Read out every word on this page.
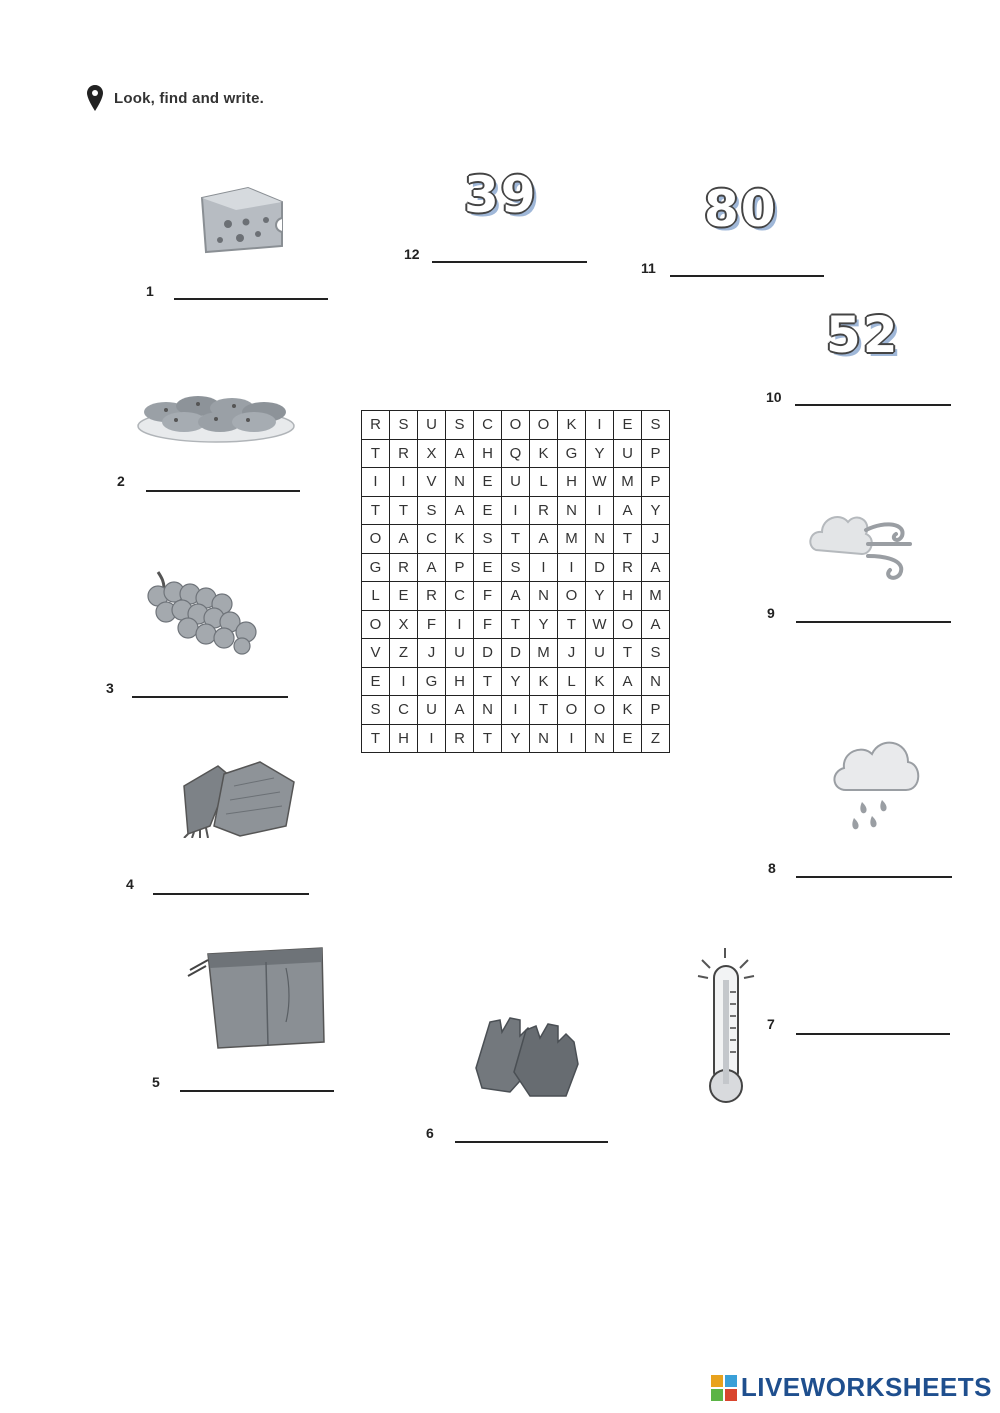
Look, find and write.
1
2
3
4
5
6
7
8
9
52
10
80
11
39
12
R	S	U	S	C	O	O	K	I	E	S
T	R	X	A	H	Q	K	G	Y	U	P
I	I	V	N	E	U	L	H	W	M	P
T	T	S	A	E	I	R	N	I	A	Y
O	A	C	K	S	T	A	M	N	T	J
G	R	A	P	E	S	I	I	D	R	A
L	E	R	C	F	A	N	O	Y	H	M
O	X	F	I	F	T	Y	T	W	O	A
V	Z	J	U	D	D	M	J	U	T	S
E	I	G	H	T	Y	K	L	K	A	N
S	C	U	A	N	I	T	O	O	K	P
T	H	I	R	T	Y	N	I	N	E	Z
LIVEWORKSHEETS
